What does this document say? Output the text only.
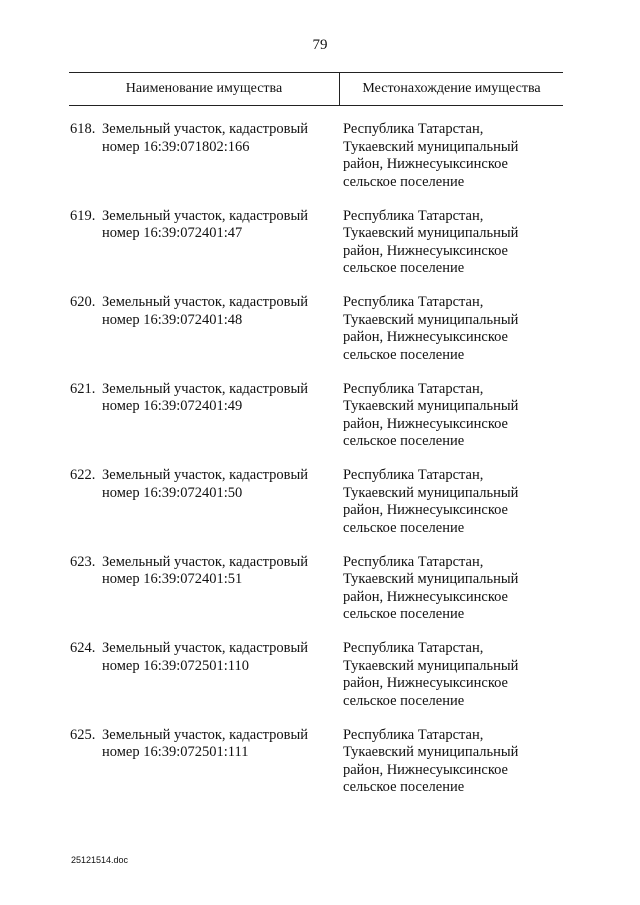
79
Наименование имущества	Местонахождение имущества
618. Земельный участок, кадастровый
номер 16:39:071802:166
Республика Татарстан,
Тукаевский муниципальный
район, Нижнесуыксинское
сельское поселение
619. Земельный участок, кадастровый
номер 16:39:072401:47
Республика Татарстан,
Тукаевский муниципальный
район, Нижнесуыксинское
сельское поселение
620. Земельный участок, кадастровый
номер 16:39:072401:48
Республика Татарстан,
Тукаевский муниципальный
район, Нижнесуыксинское
сельское поселение
621. Земельный участок, кадастровый
номер 16:39:072401:49
Республика Татарстан,
Тукаевский муниципальный
район, Нижнесуыксинское
сельское поселение
622. Земельный участок, кадастровый
номер 16:39:072401:50
Республика Татарстан,
Тукаевский муниципальный
район, Нижнесуыксинское
сельское поселение
623. Земельный участок, кадастровый
номер 16:39:072401:51
Республика Татарстан,
Тукаевский муниципальный
район, Нижнесуыксинское
сельское поселение
624. Земельный участок, кадастровый
номер 16:39:072501:110
Республика Татарстан,
Тукаевский муниципальный
район, Нижнесуыксинское
сельское поселение
625. Земельный участок, кадастровый
номер 16:39:072501:111
Республика Татарстан,
Тукаевский муниципальный
район, Нижнесуыксинское
сельское поселение
25121514.doc
